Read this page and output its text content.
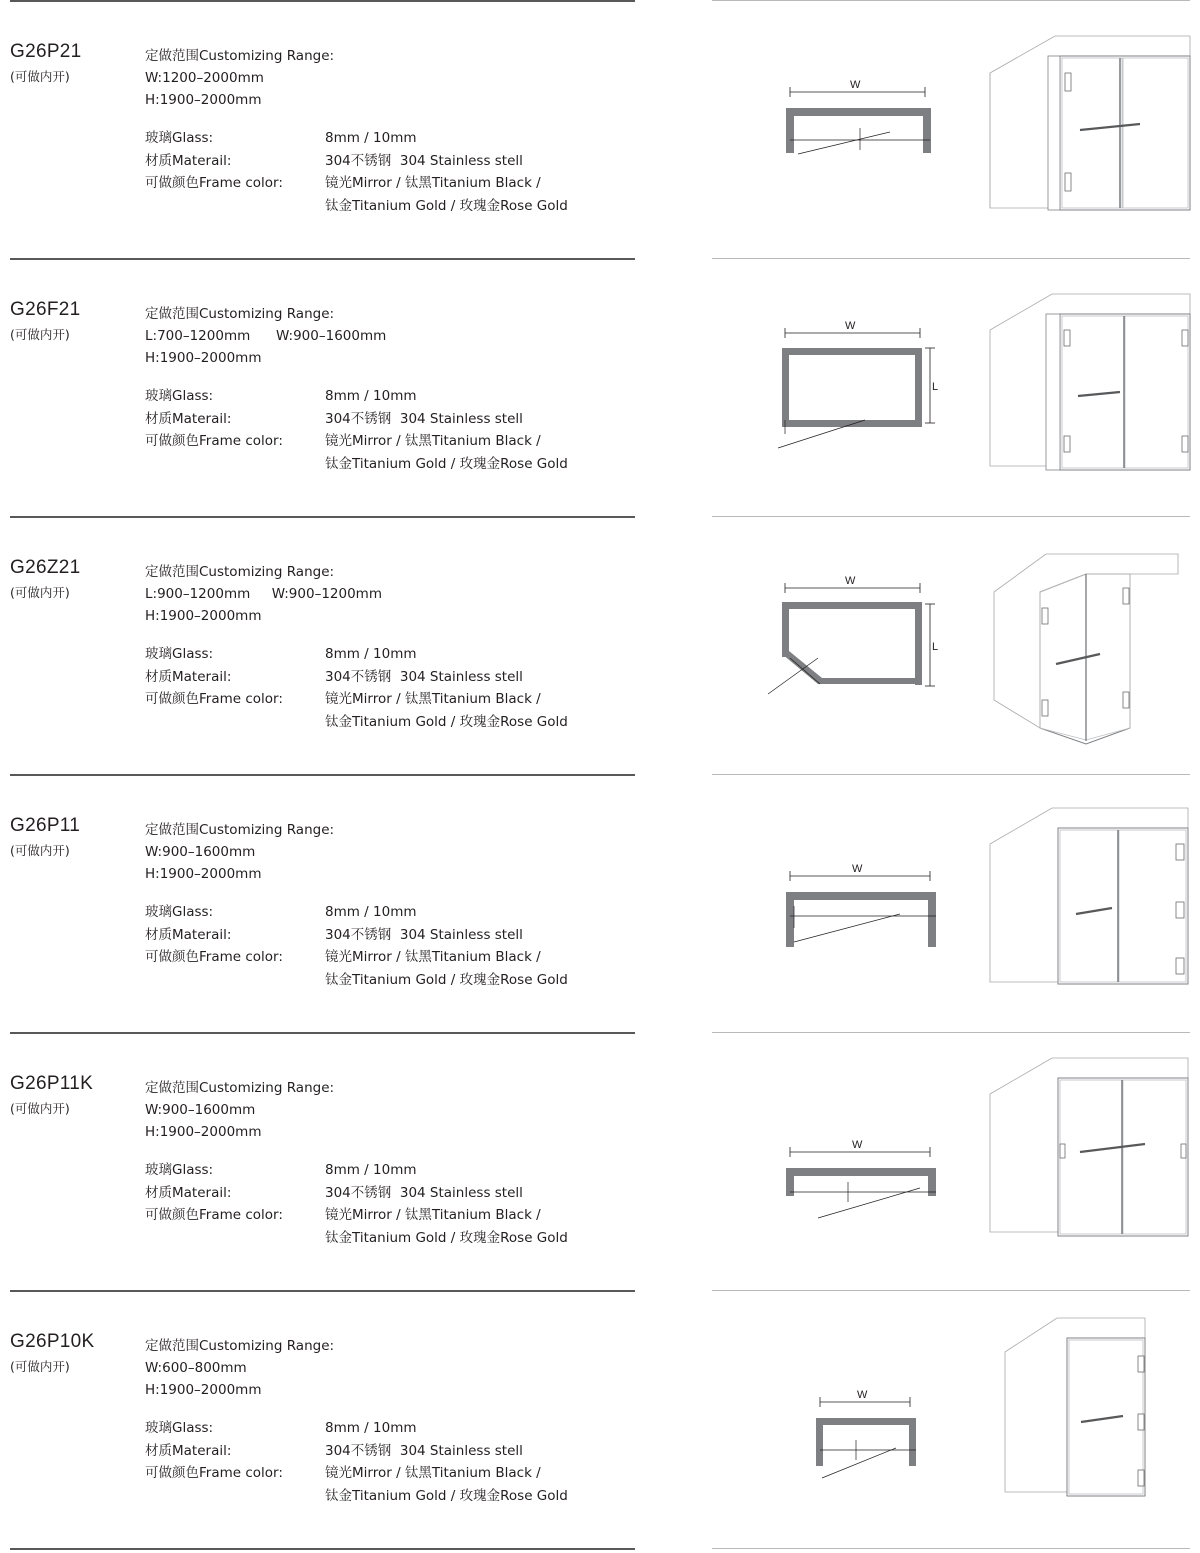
G26P21
(可做内开)
定做范围Customizing Range:
W:1200–2000mm
H:1900–2000mm
玻璃Glass:	8mm / 10mm
材质Materail:	304不锈钢  304 Stainless stell
可做颜色Frame color:	镜光Mirror / 钛黑Titanium Black /
钛金Titanium Gold / 玫瑰金Rose Gold
W
G26F21
(可做内开)
定做范围Customizing Range:
L:700–1200mm      W:900–1600mm
H:1900–2000mm
玻璃Glass:	8mm / 10mm
材质Materail:	304不锈钢  304 Stainless stell
可做颜色Frame color:	镜光Mirror / 钛黑Titanium Black /
钛金Titanium Gold / 玫瑰金Rose Gold
W
L
G26Z21
(可做内开)
定做范围Customizing Range:
L:900–1200mm     W:900–1200mm
H:1900–2000mm
玻璃Glass:	8mm / 10mm
材质Materail:	304不锈钢  304 Stainless stell
可做颜色Frame color:	镜光Mirror / 钛黑Titanium Black /
钛金Titanium Gold / 玫瑰金Rose Gold
W
L
G26P11
(可做内开)
定做范围Customizing Range:
W:900–1600mm
H:1900–2000mm
玻璃Glass:	8mm / 10mm
材质Materail:	304不锈钢  304 Stainless stell
可做颜色Frame color:	镜光Mirror / 钛黑Titanium Black /
钛金Titanium Gold / 玫瑰金Rose Gold
W
G26P11K
(可做内开)
定做范围Customizing Range:
W:900–1600mm
H:1900–2000mm
玻璃Glass:	8mm / 10mm
材质Materail:	304不锈钢  304 Stainless stell
可做颜色Frame color:	镜光Mirror / 钛黑Titanium Black /
钛金Titanium Gold / 玫瑰金Rose Gold
W
G26P10K
(可做内开)
定做范围Customizing Range:
W:600–800mm
H:1900–2000mm
玻璃Glass:	8mm / 10mm
材质Materail:	304不锈钢  304 Stainless stell
可做颜色Frame color:	镜光Mirror / 钛黑Titanium Black /
钛金Titanium Gold / 玫瑰金Rose Gold
W
